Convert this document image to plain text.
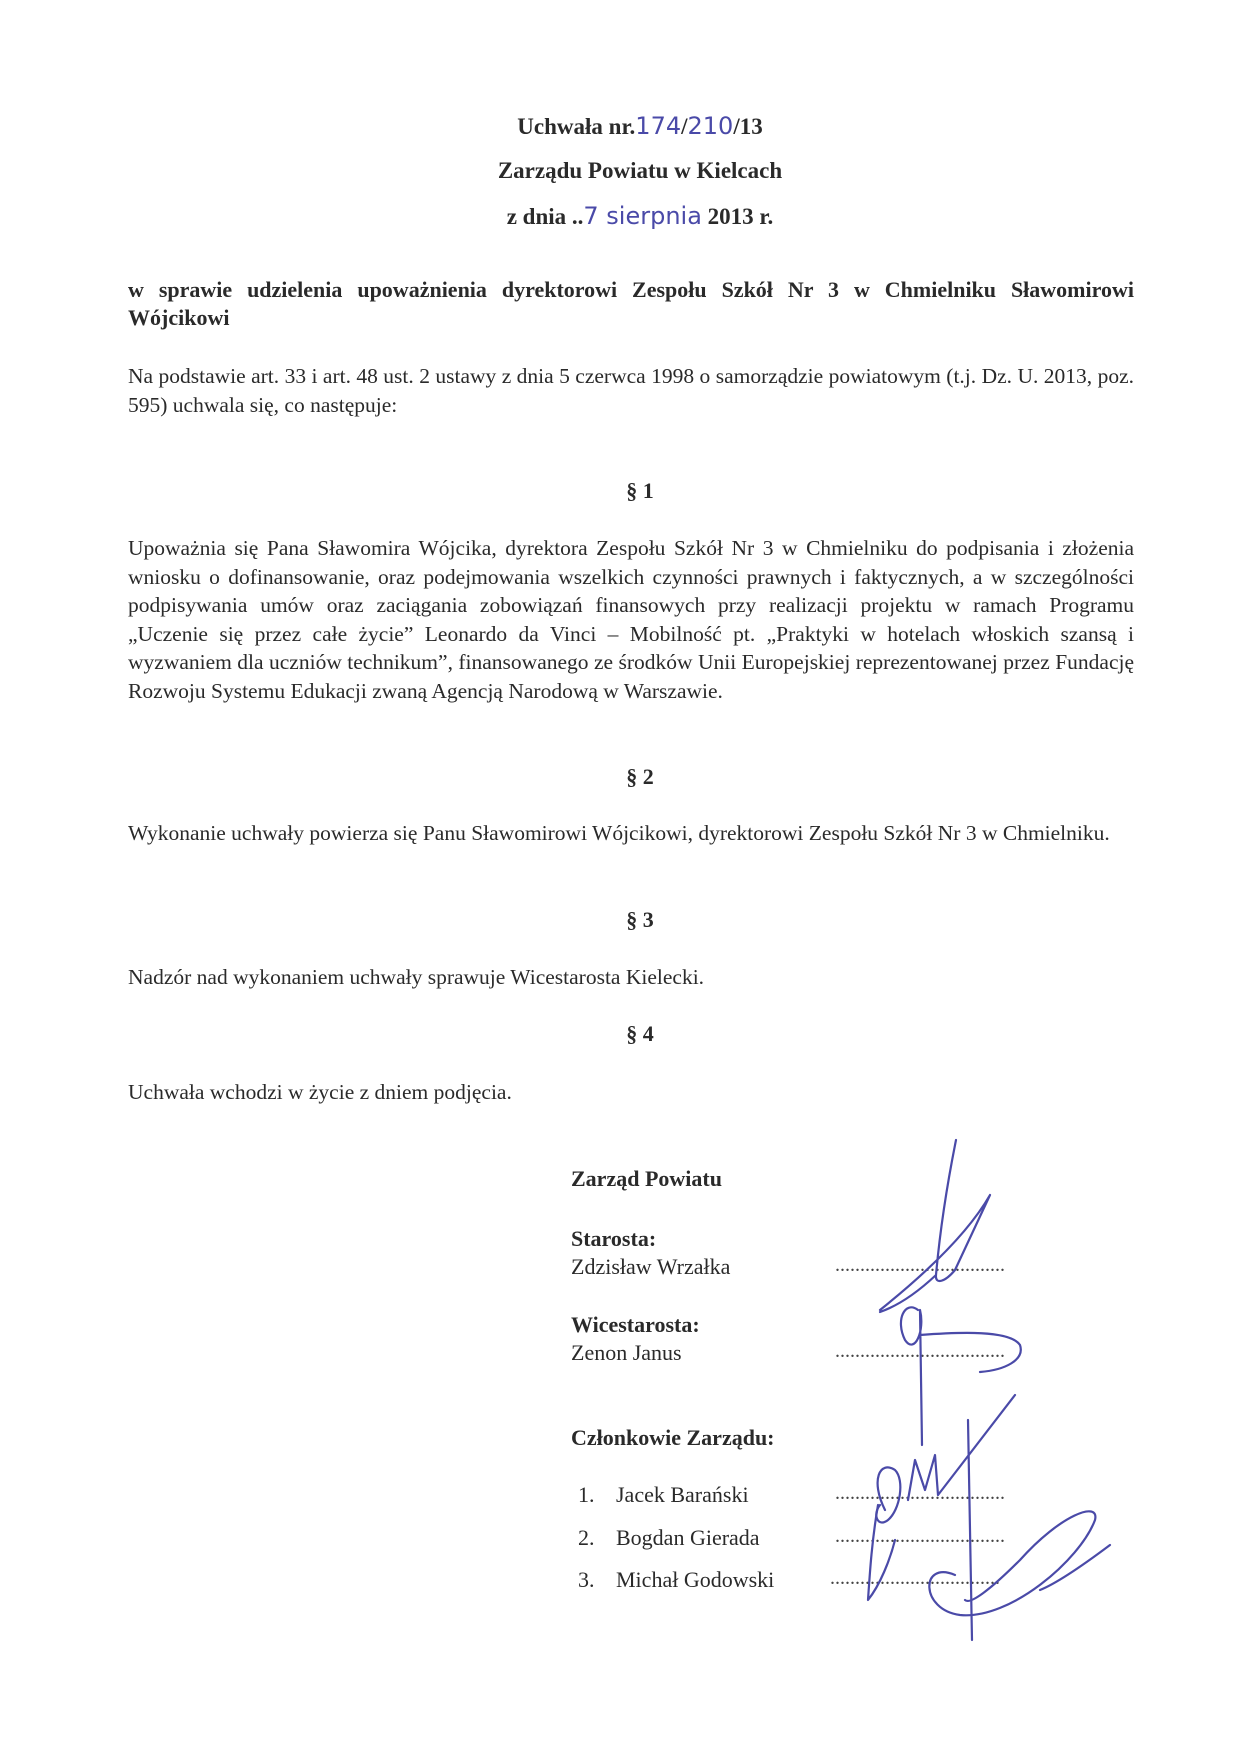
Uchwała nr.174/210/13
Zarządu Powiatu w Kielcach
z dnia ..7 sierpnia 2013 r.
w sprawie udzielenia upoważnienia dyrektorowi Zespołu Szkół Nr 3 w Chmielniku Sławomirowi Wójcikowi
Na podstawie art. 33 i art. 48 ust. 2 ustawy z dnia 5 czerwca 1998 o samorządzie powiatowym (t.j. Dz. U. 2013, poz. 595) uchwala się, co następuje:
§ 1
Upoważnia się Pana Sławomira Wójcika, dyrektora Zespołu Szkół Nr 3 w Chmielniku do podpisania i złożenia wniosku o dofinansowanie, oraz podejmowania wszelkich czynności prawnych i faktycznych, a w szczególności podpisywania umów oraz zaciągania zobowiązań finansowych przy realizacji projektu w ramach Programu „Uczenie się przez całe życie” Leonardo da Vinci – Mobilność pt. „Praktyki w hotelach włoskich szansą i wyzwaniem dla uczniów technikum”, finansowanego ze środków Unii Europejskiej reprezentowanej przez Fundację Rozwoju Systemu Edukacji zwaną Agencją Narodową w Warszawie.
§ 2
Wykonanie uchwały powierza się Panu Sławomirowi Wójcikowi, dyrektorowi Zespołu Szkół Nr 3 w Chmielniku.
§ 3
Nadzór nad wykonaniem uchwały sprawuje Wicestarosta Kielecki.
§ 4
Uchwała wchodzi w życie z dniem podjęcia.
Zarząd Powiatu
Starosta:
Zdzisław Wrzałka	..................................
Wicestarosta:
Zenon Janus	..................................
Członkowie Zarządu:
1. Jacek Barański	..................................
2. Bogdan Gierada	..................................
3. Michał Godowski	..................................
